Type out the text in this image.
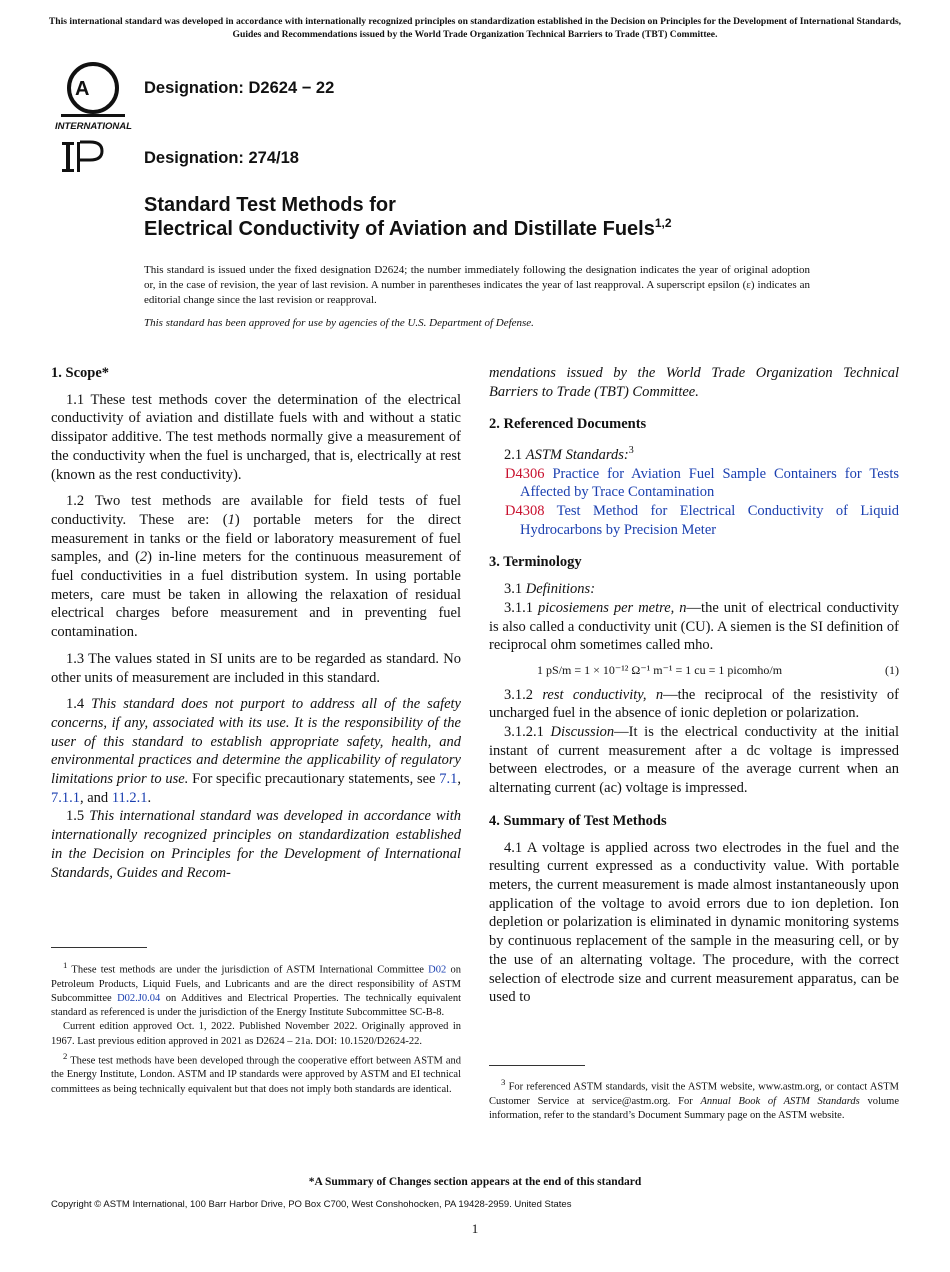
This international standard was developed in accordance with internationally recognized principles on standardization established in the Decision on Principles for the Development of International Standards, Guides and Recommendations issued by the World Trade Organization Technical Barriers to Trade (TBT) Committee.
A
INTERNATIONAL
Designation: D2624 − 22
Designation: 274/18
Standard Test Methods for
Electrical Conductivity of Aviation and Distillate Fuels$^{1,2}$
This standard is issued under the fixed designation D2624; the number immediately following the designation indicates the year of original adoption or, in the case of revision, the year of last revision. A number in parentheses indicates the year of last reapproval. A superscript epsilon (ε) indicates an editorial change since the last revision or reapproval.
This standard has been approved for use by agencies of the U.S. Department of Defense.
1. Scope*

1.1 These test methods cover the determination of the electrical conductivity of aviation and distillate fuels with and without a static dissipator additive. The test methods normally give a measurement of the conductivity when the fuel is uncharged, that is, electrically at rest (known as the rest conductivity).

1.2 Two test methods are available for field tests of fuel conductivity. These are: (1) portable meters for the direct measurement in tanks or the field or laboratory measurement of fuel samples, and (2) in-line meters for the continuous measurement of fuel conductivities in a fuel distribution system. In using portable meters, care must be taken in allowing the relaxation of residual electrical charges before measurement and in preventing fuel contamination.

1.3 The values stated in SI units are to be regarded as standard. No other units of measurement are included in this standard.

1.4 This standard does not purport to address all of the safety concerns, if any, associated with its use. It is the responsibility of the user of this standard to establish appropriate safety, health, and environmental practices and determine the applicability of regulatory limitations prior to use. For specific precautionary statements, see 7.1, 7.1.1, and 11.2.1.

1.5 This international standard was developed in accordance with internationally recognized principles on standardization established in the Decision on Principles for the Development of International Standards, Guides and Recom-

$^1$ These test methods are under the jurisdiction of ASTM International Committee D02 on Petroleum Products, Liquid Fuels, and Lubricants and are the direct responsibility of ASTM Subcommittee D02.J0.04 on Additives and Electrical Properties. The technically equivalent standard as referenced is under the jurisdiction of the Energy Institute Subcommittee SC-B-8.

Current edition approved Oct. 1, 2022. Published November 2022. Originally approved in 1967. Last previous edition approved in 2021 as D2624 – 21a. DOI: 10.1520/D2624-22.

$^2$ These test methods have been developed through the cooperative effort between ASTM and the Energy Institute, London. ASTM and IP standards were approved by ASTM and EI technical committees as being technically equivalent but that does not imply both standards are identical.

mendations issued by the World Trade Organization Technical Barriers to Trade (TBT) Committee.

2. Referenced Documents

2.1 ASTM Standards:$^3$

D4306 Practice for Aviation Fuel Sample Containers for Tests Affected by Trace Contamination
D4308 Test Method for Electrical Conductivity of Liquid Hydrocarbons by Precision Meter
3. Terminology

3.1 Definitions:

3.1.1 picosiemens per metre, n—the unit of electrical conductivity is also called a conductivity unit (CU). A siemen is the SI definition of reciprocal ohm sometimes called mho.

1 pS/m = 1 × 10⁻¹² Ω⁻¹ m⁻¹ = 1 cu = 1 picomho/m	(1)

3.1.2 rest conductivity, n—the reciprocal of the resistivity of uncharged fuel in the absence of ionic depletion or polarization.

3.1.2.1 Discussion—It is the electrical conductivity at the initial instant of current measurement after a dc voltage is impressed between electrodes, or a measure of the average current when an alternating current (ac) voltage is impressed.

4. Summary of Test Methods

4.1 A voltage is applied across two electrodes in the fuel and the resulting current expressed as a conductivity value. With portable meters, the current measurement is made almost instantaneously upon application of the voltage to avoid errors due to ion depletion. Ion depletion or polarization is eliminated in dynamic monitoring systems by continuous replacement of the sample in the measuring cell, or by the use of an alternating voltage. The procedure, with the correct selection of electrode size and current measurement apparatus, can be used to

$^3$ For referenced ASTM standards, visit the ASTM website, www.astm.org, or contact ASTM Customer Service at service@astm.org. For Annual Book of ASTM Standards volume information, refer to the standard’s Document Summary page on the ASTM website.

*A Summary of Changes section appears at the end of this standard
Copyright © ASTM International, 100 Barr Harbor Drive, PO Box C700, West Conshohocken, PA 19428-2959. United States
1
